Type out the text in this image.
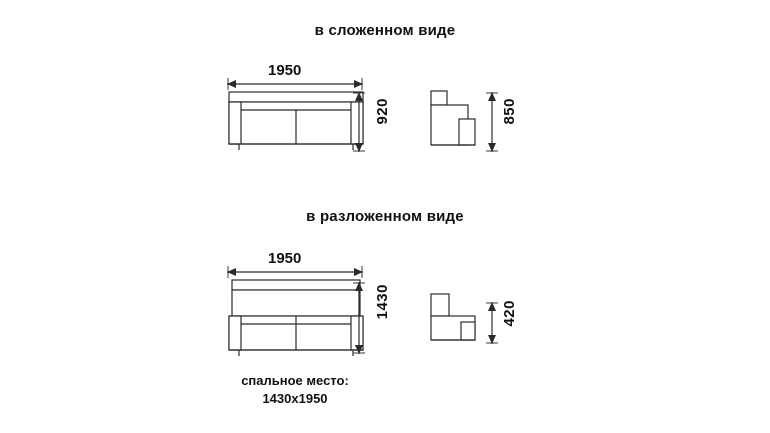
в сложенном виде
1950
920	850
в разложенном виде
1950
1430	420
спальное место:
1430x1950
